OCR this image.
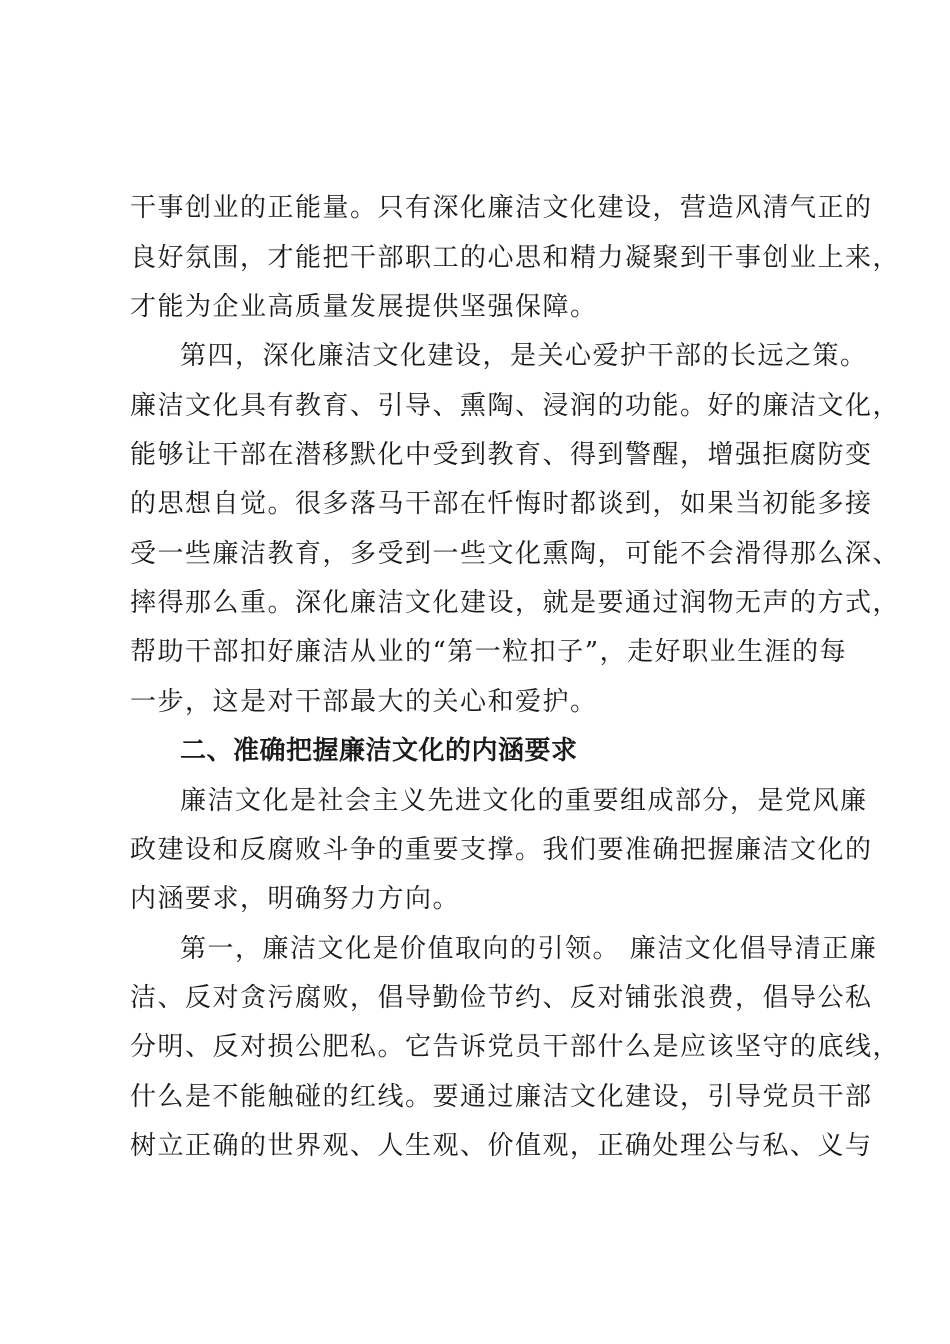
干事创业的正能量。只有深化廉洁文化建设，营造风清气正的
良好氛围，才能把干部职工的心思和精力凝聚到干事创业上来，
才能为企业高质量发展提供坚强保障。
第四，深化廉洁文化建设，是关心爱护干部的长远之策。
廉洁文化具有教育、引导、熏陶、浸润的功能。好的廉洁文化，
能够让干部在潜移默化中受到教育、得到警醒，增强拒腐防变
的思想自觉。很多落马干部在忏悔时都谈到，如果当初能多接
受一些廉洁教育，多受到一些文化熏陶，可能不会滑得那么深、
摔得那么重。深化廉洁文化建设，就是要通过润物无声的方式，
帮助干部扣好廉洁从业的“第一粒扣子”，走好职业生涯的每
一步，这是对干部最大的关心和爱护。
二、准确把握廉洁文化的内涵要求
廉洁文化是社会主义先进文化的重要组成部分，是党风廉
政建设和反腐败斗争的重要支撑。我们要准确把握廉洁文化的
内涵要求，明确努力方向。
第一，廉洁文化是价值取向的引领。 廉洁文化倡导清正廉
洁、反对贪污腐败，倡导勤俭节约、反对铺张浪费，倡导公私
分明、反对损公肥私。它告诉党员干部什么是应该坚守的底线，
什么是不能触碰的红线。要通过廉洁文化建设，引导党员干部
树立正确的世界观、人生观、价值观，正确处理公与私、义与
